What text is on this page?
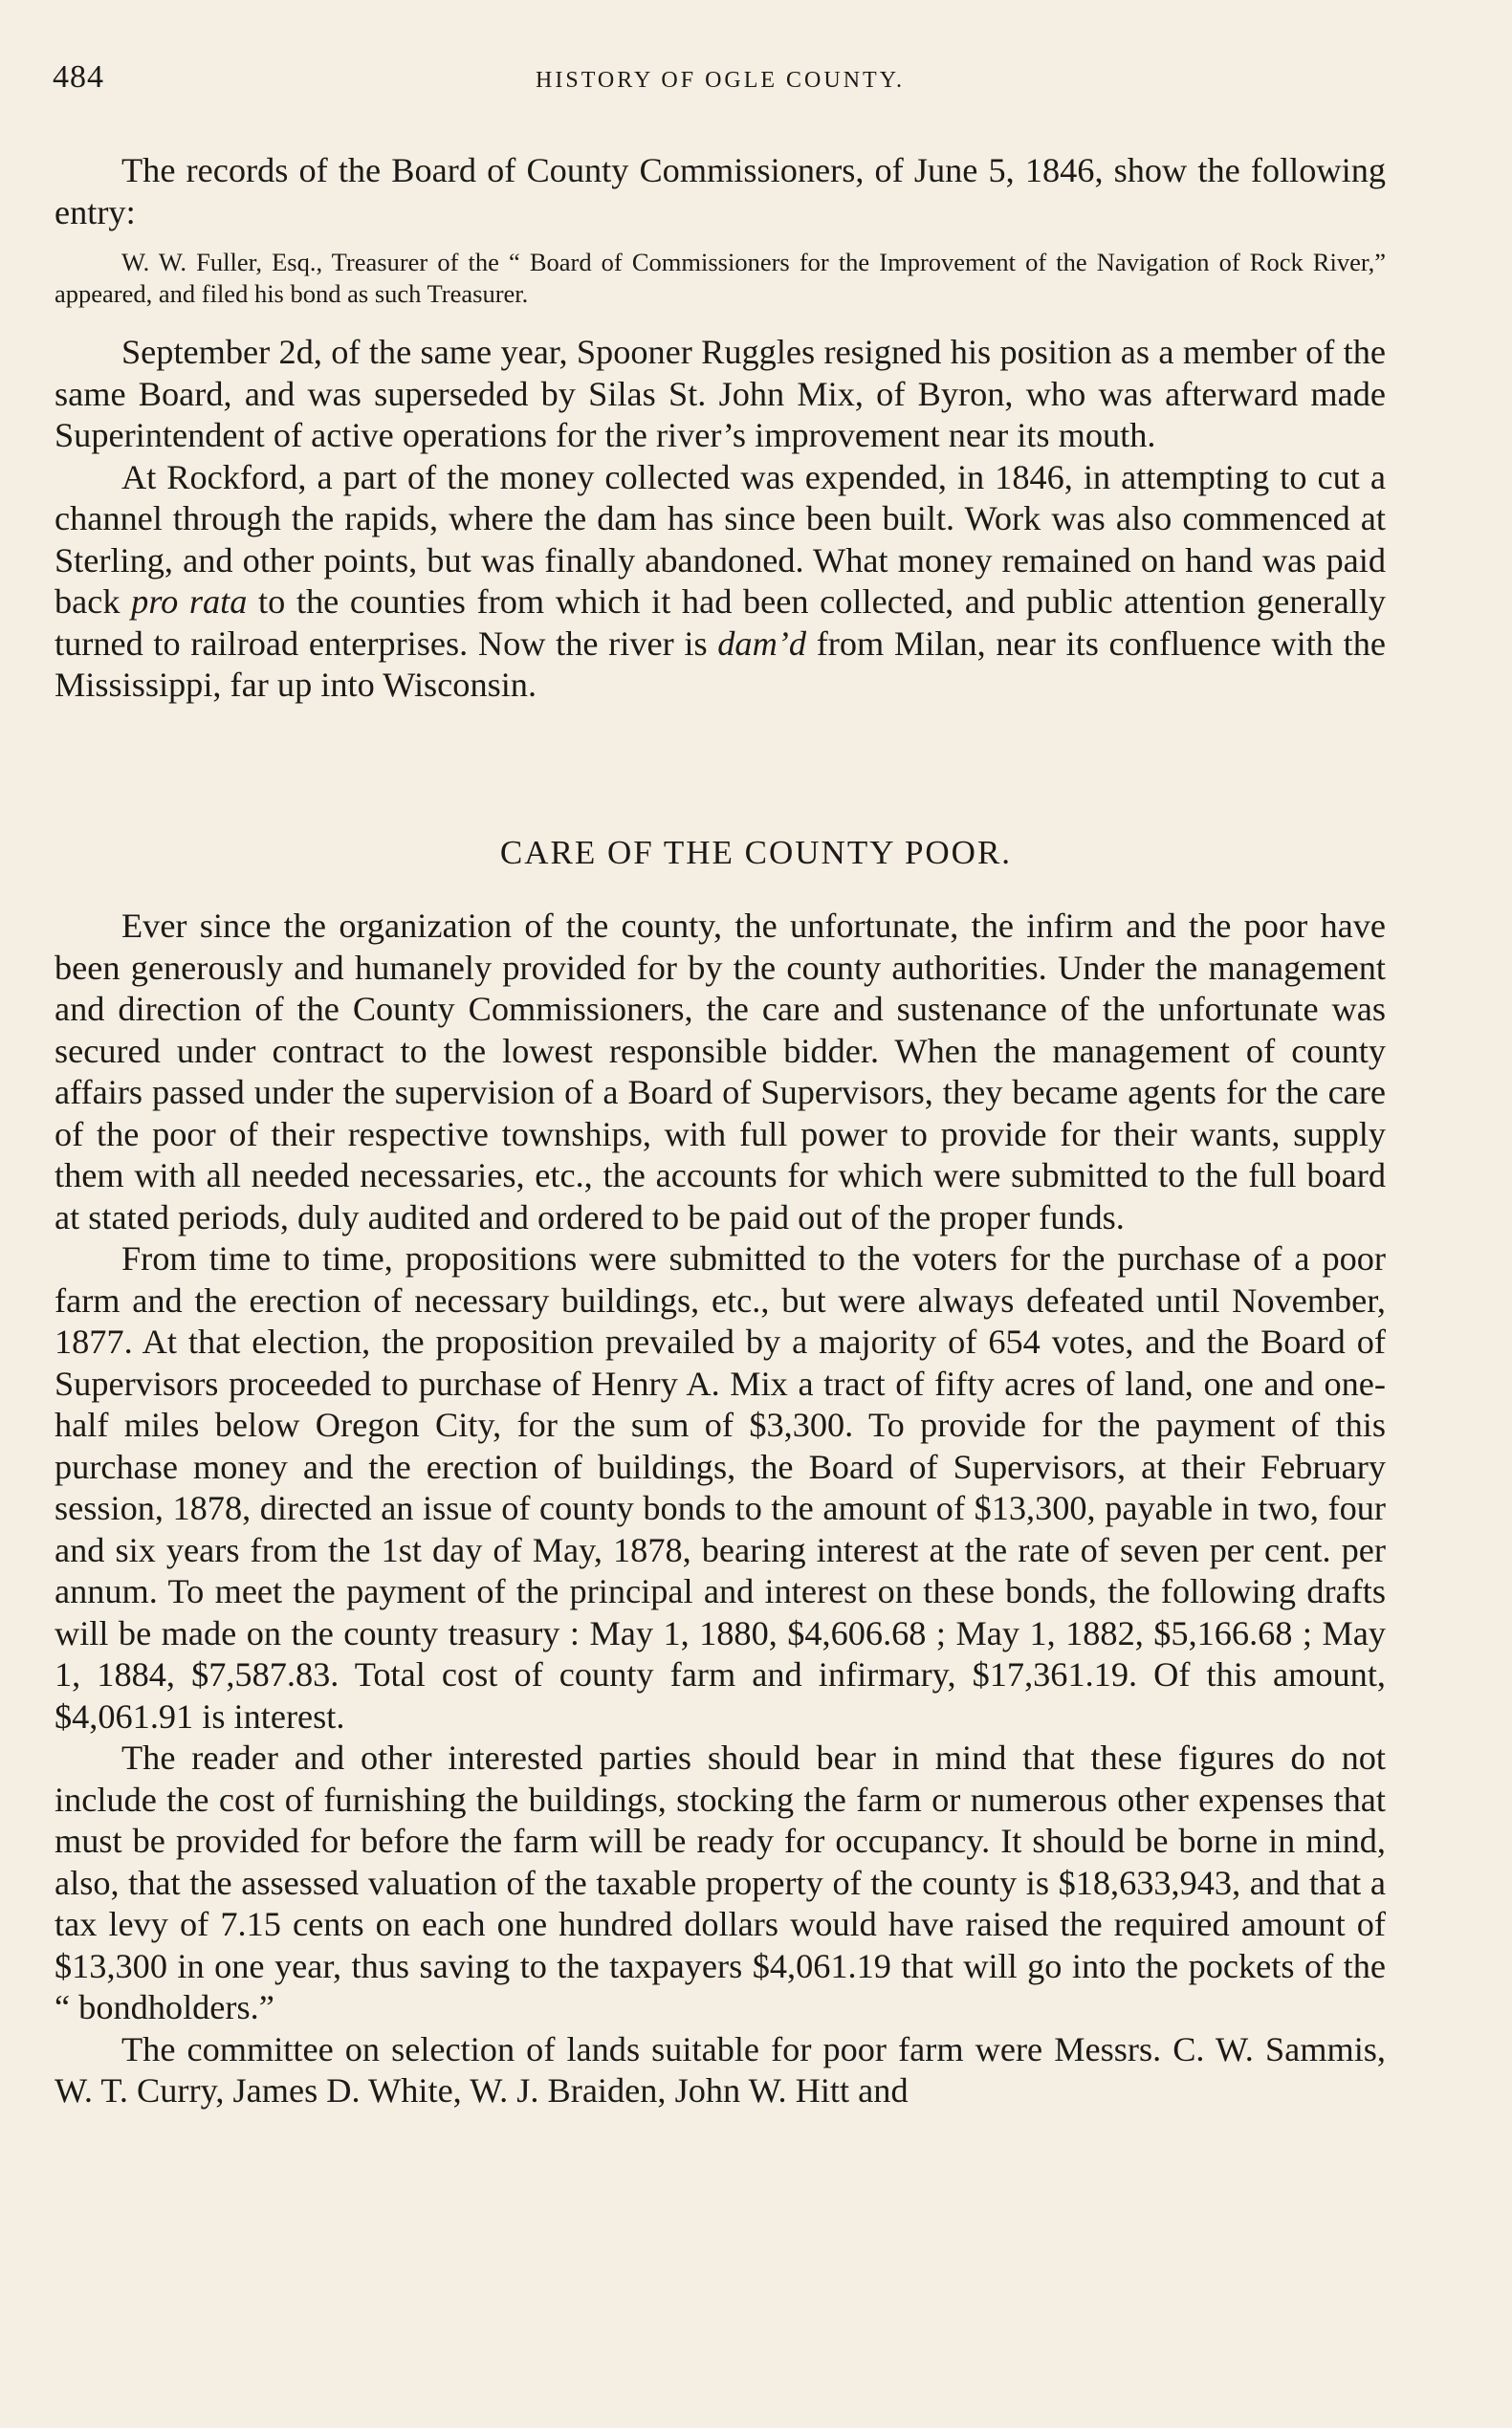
484	HISTORY OF OGLE COUNTY.

The records of the Board of County Commissioners, of June 5, 1846, show the following entry:

W. W. Fuller, Esq., Treasurer of the “ Board of Commissioners for the Improvement of the Navigation of Rock River,” appeared, and filed his bond as such Treasurer.

September 2d, of the same year, Spooner Ruggles resigned his position as a member of the same Board, and was superseded by Silas St. John Mix, of Byron, who was afterward made Superintendent of active operations for the river’s improvement near its mouth.

At Rockford, a part of the money collected was expended, in 1846, in attempting to cut a channel through the rapids, where the dam has since been built. Work was also commenced at Sterling, and other points, but was finally abandoned. What money remained on hand was paid back pro rata to the counties from which it had been collected, and public attention generally turned to railroad enterprises. Now the river is dam’d from Milan, near its confluence with the Mississippi, far up into Wisconsin.

CARE OF THE COUNTY POOR.

Ever since the organization of the county, the unfortunate, the infirm and the poor have been generously and humanely provided for by the county authorities. Under the management and direction of the County Commissioners, the care and sustenance of the unfortunate was secured under contract to the lowest responsible bidder. When the management of county affairs passed under the supervision of a Board of Supervisors, they became agents for the care of the poor of their respective townships, with full power to provide for their wants, supply them with all needed necessaries, etc., the accounts for which were submitted to the full board at stated periods, duly audited and ordered to be paid out of the proper funds.

From time to time, propositions were submitted to the voters for the purchase of a poor farm and the erection of necessary buildings, etc., but were always defeated until November, 1877. At that election, the proposition prevailed by a majority of 654 votes, and the Board of Supervisors proceeded to purchase of Henry A. Mix a tract of fifty acres of land, one and one-half miles below Oregon City, for the sum of $3,300. To provide for the payment of this purchase money and the erection of buildings, the Board of Supervisors, at their February session, 1878, directed an issue of county bonds to the amount of $13,300, payable in two, four and six years from the 1st day of May, 1878, bearing interest at the rate of seven per cent. per annum. To meet the payment of the principal and interest on these bonds, the following drafts will be made on the county treasury : May 1, 1880, $4,606.68 ; May 1, 1882, $5,166.68 ; May 1, 1884, $7,587.83. Total cost of county farm and infirmary, $17,361.19. Of this amount, $4,061.91 is interest.

The reader and other interested parties should bear in mind that these figures do not include the cost of furnishing the buildings, stocking the farm or numerous other expenses that must be provided for before the farm will be ready for occupancy. It should be borne in mind, also, that the assessed valuation of the taxable property of the county is $18,633,943, and that a tax levy of 7.15 cents on each one hundred dollars would have raised the required amount of $13,300 in one year, thus saving to the taxpayers $4,061.19 that will go into the pockets of the “ bondholders.”

The committee on selection of lands suitable for poor farm were Messrs. C. W. Sammis, W. T. Curry, James D. White, W. J. Braiden, John W. Hitt and
